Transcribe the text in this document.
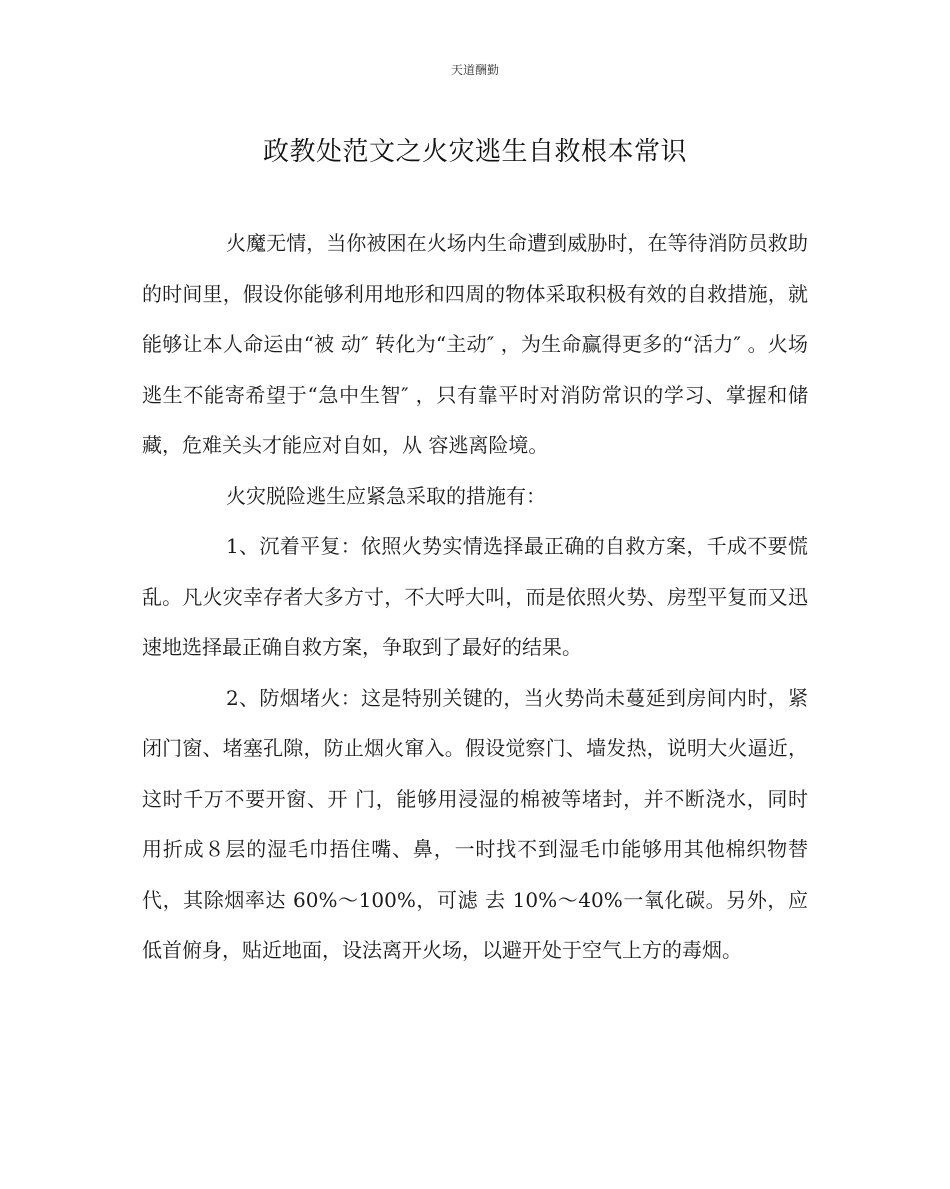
天道酬勤
政教处范文之火灾逃生自救根本常识

火魔无情，当你被困在火场内生命遭到威胁时，在等待消防员救助的时间里，假设你能够利用地形和四周的物体采取积极有效的自救措施，就能够让本人命运由“被 动″ 转化为“主动″ ，为生命赢得更多的“活力″ 。火场逃生不能寄希望于“急中生智″ ，只有靠平时对消防常识的学习、掌握和储藏，危难关头才能应对自如，从 容逃离险境。

火灾脱险逃生应紧急采取的措施有：

1、沉着平复：依照火势实情选择最正确的自救方案，千成不要慌乱。凡火灾幸存者大多方寸，不大呼大叫，而是依照火势、房型平复而又迅速地选择最正确自救方案，争取到了最好的结果。

2、防烟堵火：这是特别关键的，当火势尚未蔓延到房间内时，紧闭门窗、堵塞孔隙，防止烟火窜入。假设觉察门、墙发热，说明大火逼近，这时千万不要开窗、开 门，能够用浸湿的棉被等堵封，并不断浇水，同时用折成８层的湿毛巾捂住嘴、鼻，一时找不到湿毛巾能够用其他棉织物替代，其除烟率达 60%～100%，可滤 去 10%～40%一氧化碳。另外，应低首俯身，贴近地面，设法离开火场，以避开处于空气上方的毒烟。
